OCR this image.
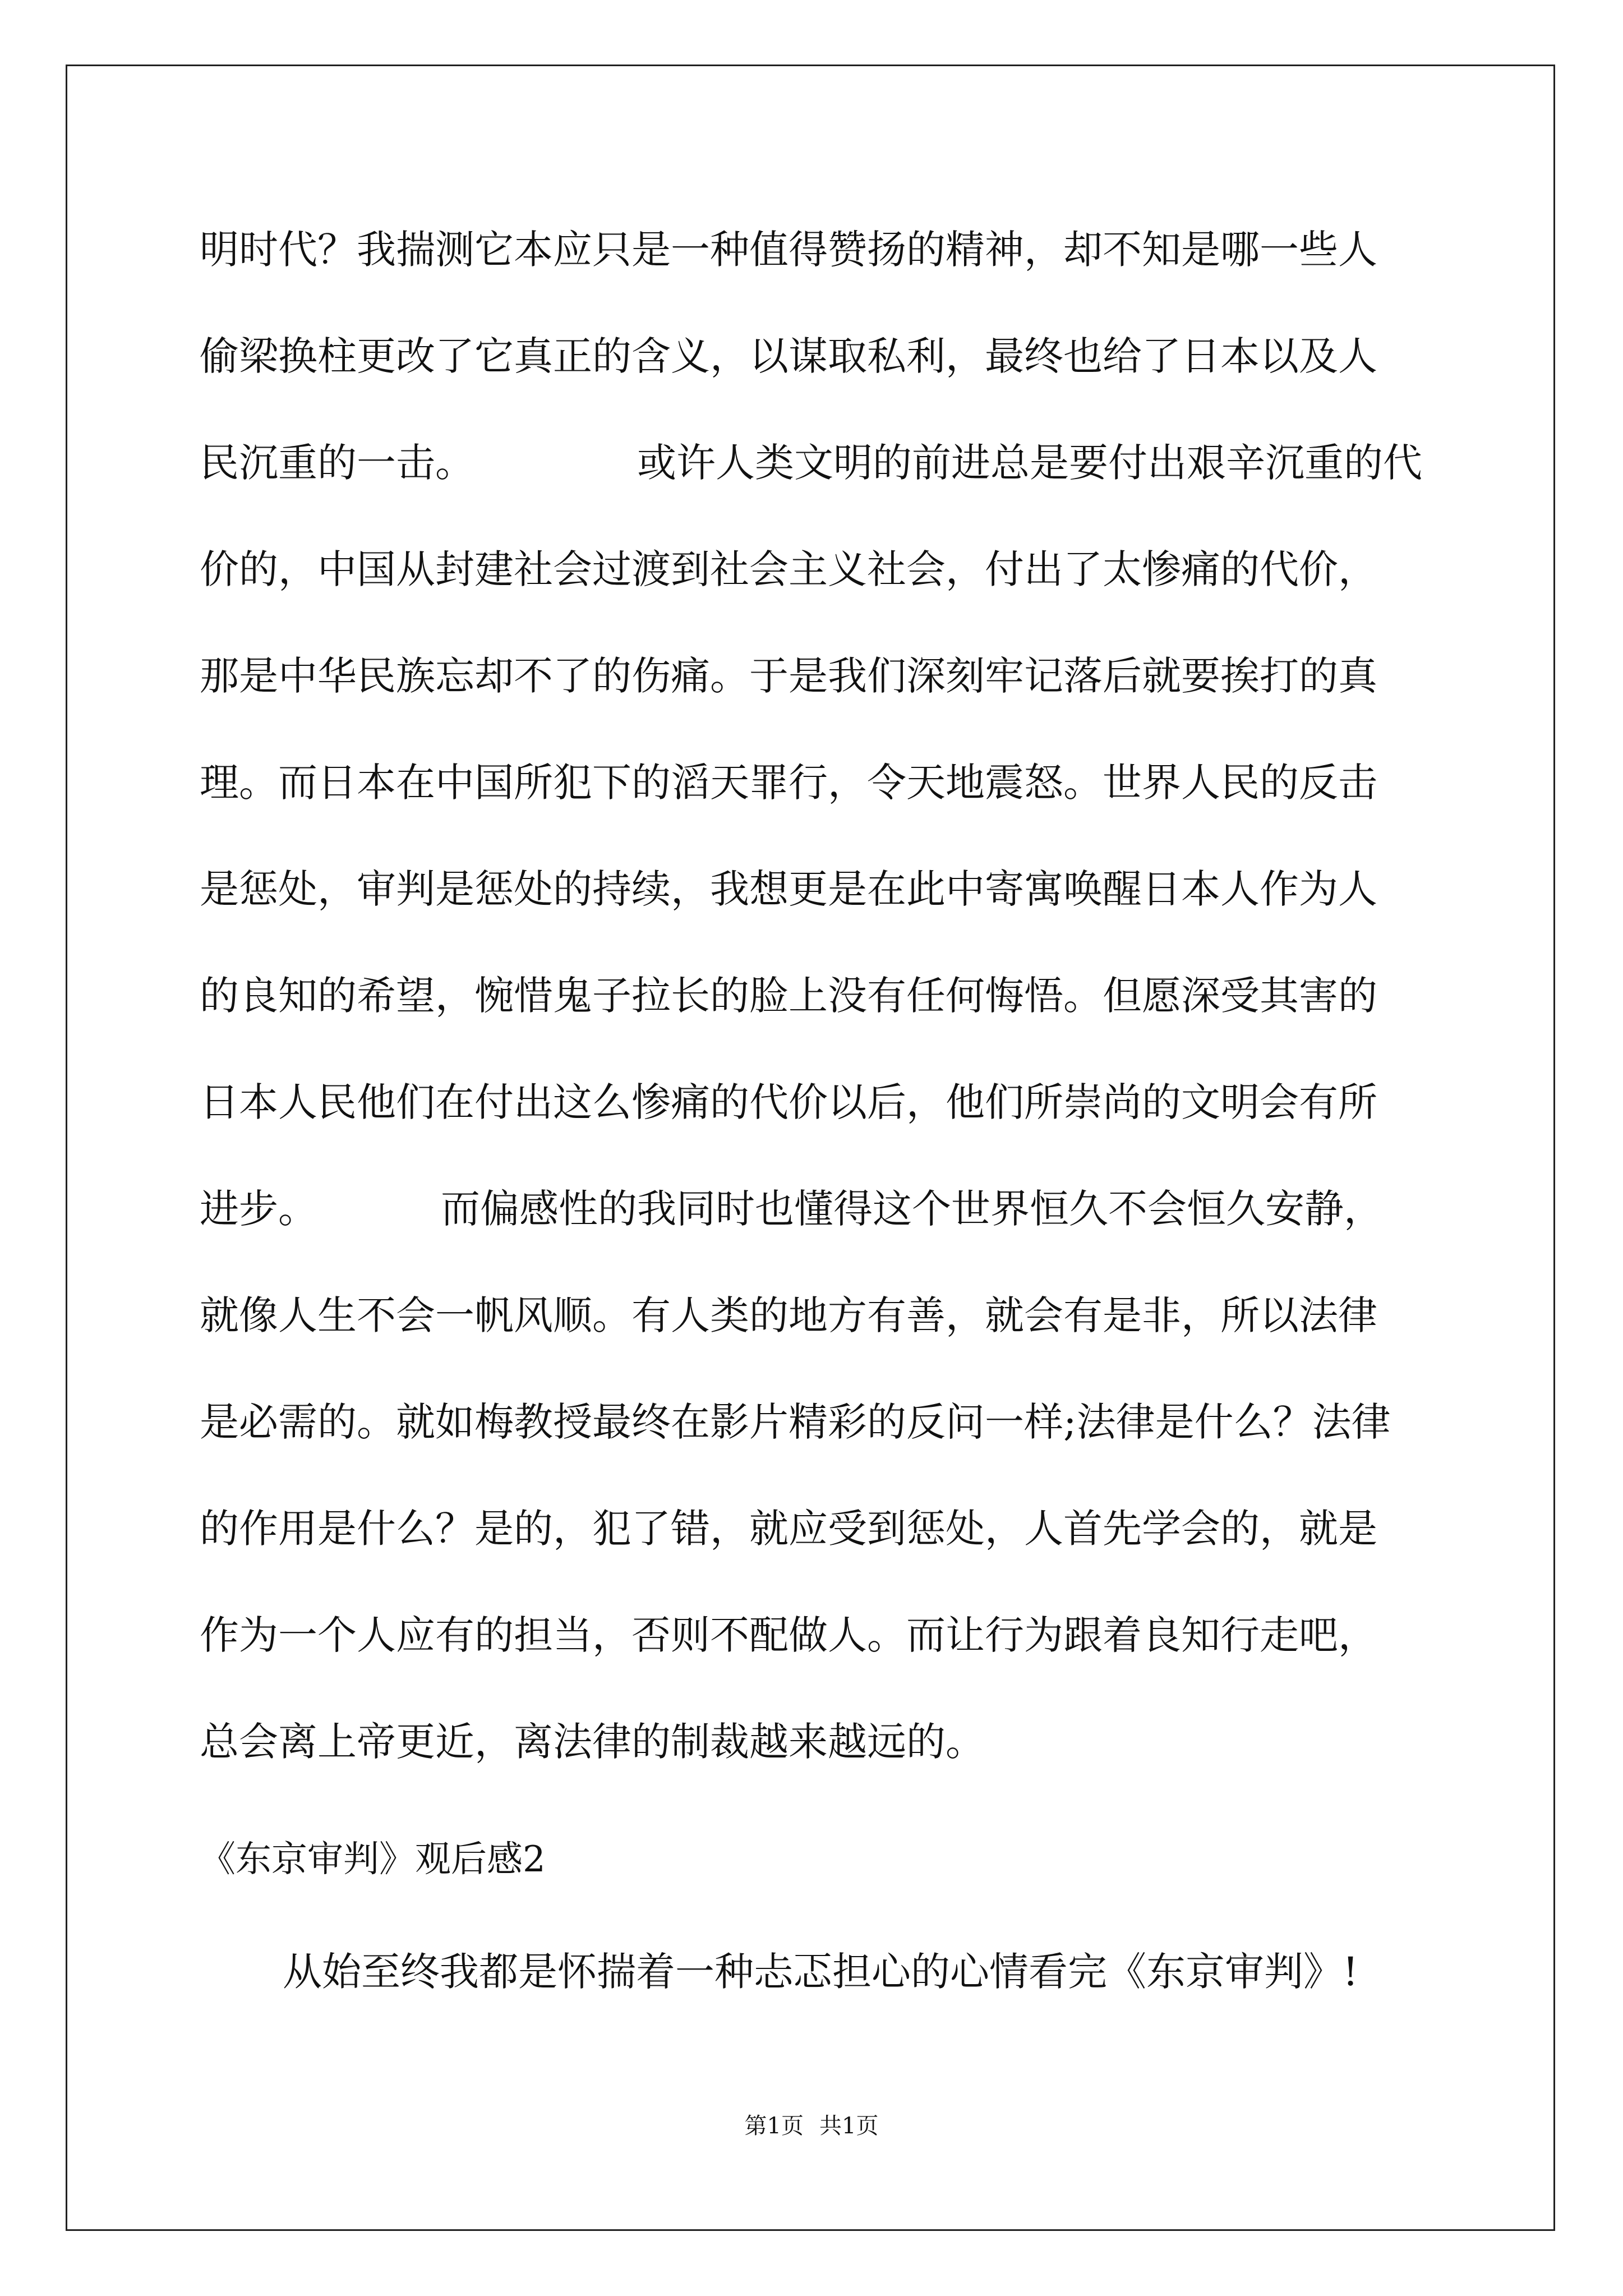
明时代？我揣测它本应只是一种值得赞扬的精神，却不知是哪一些人
偷梁换柱更改了它真正的含义，以谋取私利，最终也给了日本以及人
民沉重的一击。	或许人类文明的前进总是要付出艰辛沉重的代
价的，中国从封建社会过渡到社会主义社会，付出了太惨痛的代价，
那是中华民族忘却不了的伤痛。于是我们深刻牢记落后就要挨打的真
理。而日本在中国所犯下的滔天罪行，令天地震怒。世界人民的反击
是惩处，审判是惩处的持续，我想更是在此中寄寓唤醒日本人作为人
的良知的希望，惋惜鬼子拉长的脸上没有任何悔悟。但愿深受其害的
日本人民他们在付出这么惨痛的代价以后，他们所崇尚的文明会有所
进步。	而偏感性的我同时也懂得这个世界恒久不会恒久安静，
就像人生不会一帆风顺。有人类的地方有善，就会有是非，所以法律
是必需的。就如梅教授最终在影片精彩的反问一样;法律是什么？法律
的作用是什么？是的，犯了错，就应受到惩处，人首先学会的，就是
作为一个人应有的担当，否则不配做人。而让行为跟着良知行走吧，
总会离上帝更近，离法律的制裁越来越远的。
《东京审判》观后感2
从始至终我都是怀揣着一种忐忑担心的心情看完《东京审判》!
第1页 共1页
